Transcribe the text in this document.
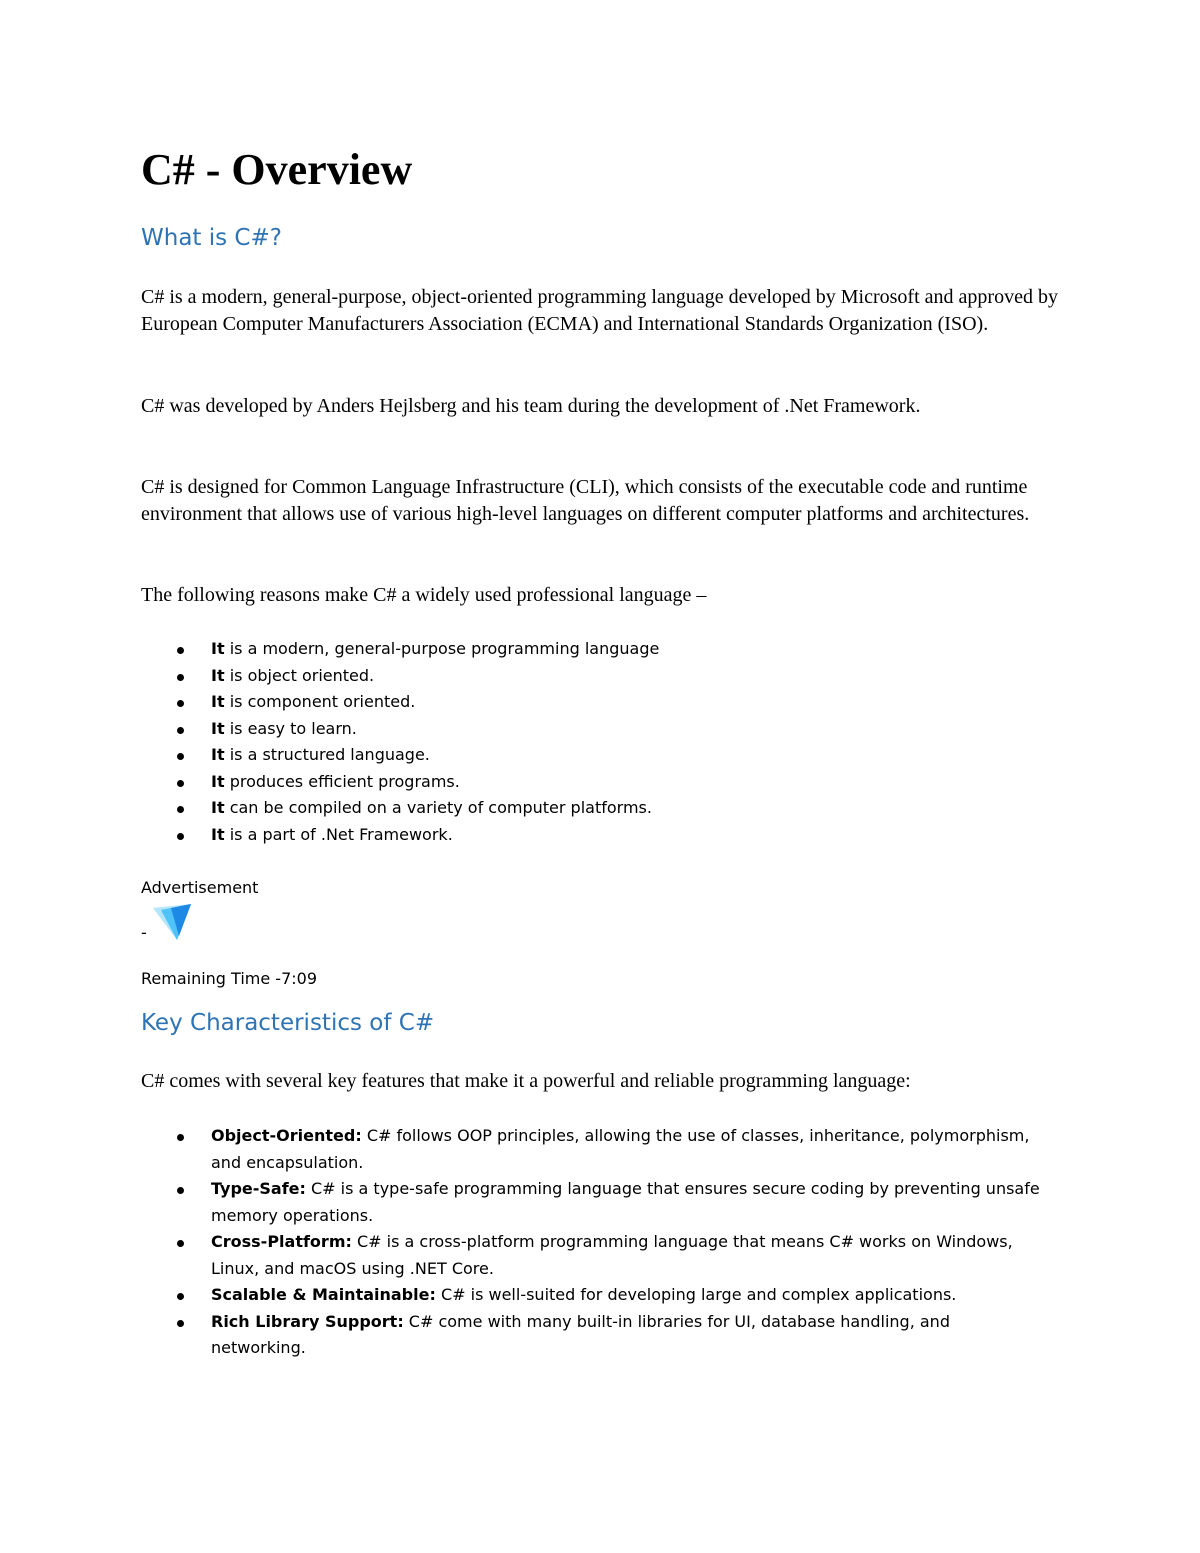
C# - Overview
What is C#?

C# is a modern, general-purpose, object-oriented programming language developed by Microsoft and approved by European Computer Manufacturers Association (ECMA) and International Standards Organization (ISO).

C# was developed by Anders Hejlsberg and his team during the development of .Net Framework.

C# is designed for Common Language Infrastructure (CLI), which consists of the executable code and runtime environment that allows use of various high-level languages on different computer platforms and architectures.

The following reasons make C# a widely used professional language –

It is a modern, general-purpose programming language
It is object oriented.
It is component oriented.
It is easy to learn.
It is a structured language.
It produces efficient programs.
It can be compiled on a variety of computer platforms.
It is a part of .Net Framework.
Advertisement
-
Remaining Time -7:09
Key Characteristics of C#

C# comes with several key features that make it a powerful and reliable programming language:

Object-Oriented: C# follows OOP principles, allowing the use of classes, inheritance, polymorphism, and encapsulation.
Type-Safe: C# is a type-safe programming language that ensures secure coding by preventing unsafe memory operations.
Cross-Platform: C# is a cross-platform programming language that means C# works on Windows, Linux, and macOS using .NET Core.
Scalable & Maintainable: C# is well-suited for developing large and complex applications.
Rich Library Support: C# come with many built-in libraries for UI, database handling, and networking.
